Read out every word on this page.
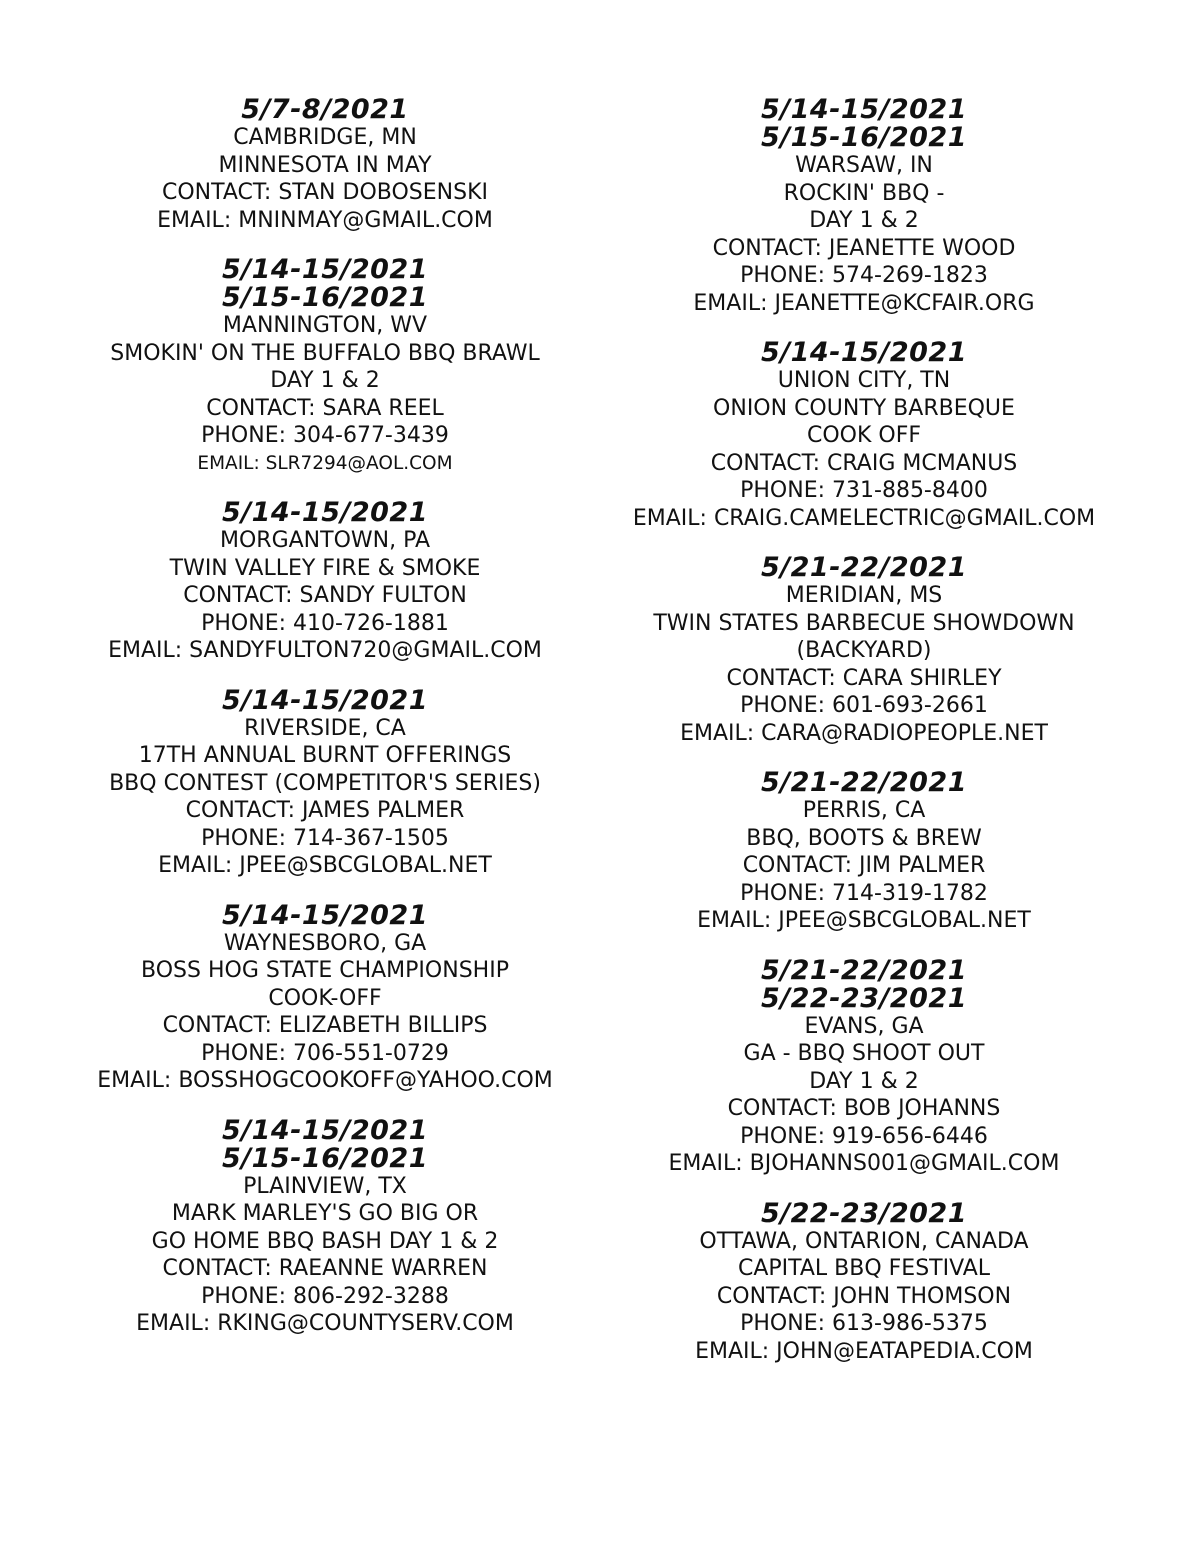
5/7-8/2021
CAMBRIDGE, MN
MINNESOTA IN MAY
CONTACT: STAN DOBOSENSKI
EMAIL: MNINMAY@GMAIL.COM
5/14-15/2021
5/15-16/2021
MANNINGTON, WV
SMOKIN' ON THE BUFFALO BBQ BRAWL
DAY 1 & 2
CONTACT: SARA REEL
PHONE: 304-677-3439
EMAIL: SLR7294@AOL.COM
5/14-15/2021
MORGANTOWN, PA
TWIN VALLEY FIRE & SMOKE
CONTACT: SANDY FULTON
PHONE: 410-726-1881
EMAIL: SANDYFULTON720@GMAIL.COM
5/14-15/2021
RIVERSIDE, CA
17TH ANNUAL BURNT OFFERINGS
BBQ CONTEST (COMPETITOR'S SERIES)
CONTACT: JAMES PALMER
PHONE: 714-367-1505
EMAIL: JPEE@SBCGLOBAL.NET
5/14-15/2021
WAYNESBORO, GA
BOSS HOG STATE CHAMPIONSHIP
COOK-OFF
CONTACT: ELIZABETH BILLIPS
PHONE: 706-551-0729
EMAIL: BOSSHOGCOOKOFF@YAHOO.COM
5/14-15/2021
5/15-16/2021
PLAINVIEW, TX
MARK MARLEY'S GO BIG OR
GO HOME BBQ BASH DAY 1 & 2
CONTACT: RAEANNE WARREN
PHONE: 806-292-3288
EMAIL: RKING@COUNTYSERV.COM
5/14-15/2021
5/15-16/2021
WARSAW, IN
ROCKIN' BBQ -
DAY 1 & 2
CONTACT: JEANETTE WOOD
PHONE: 574-269-1823
EMAIL: JEANETTE@KCFAIR.ORG
5/14-15/2021
UNION CITY, TN
ONION COUNTY BARBEQUE
COOK OFF
CONTACT: CRAIG MCMANUS
PHONE: 731-885-8400
EMAIL: CRAIG.CAMELECTRIC@GMAIL.COM
5/21-22/2021
MERIDIAN, MS
TWIN STATES BARBECUE SHOWDOWN
(BACKYARD)
CONTACT: CARA SHIRLEY
PHONE: 601-693-2661
EMAIL: CARA@RADIOPEOPLE.NET
5/21-22/2021
PERRIS, CA
BBQ, BOOTS & BREW
CONTACT: JIM PALMER
PHONE: 714-319-1782
EMAIL: JPEE@SBCGLOBAL.NET
5/21-22/2021
5/22-23/2021
EVANS, GA
GA - BBQ SHOOT OUT
DAY 1 & 2
CONTACT: BOB JOHANNS
PHONE: 919-656-6446
EMAIL: BJOHANNS001@GMAIL.COM
5/22-23/2021
OTTAWA, ONTARION, CANADA
CAPITAL BBQ FESTIVAL
CONTACT: JOHN THOMSON
PHONE: 613-986-5375
EMAIL: JOHN@EATAPEDIA.COM
